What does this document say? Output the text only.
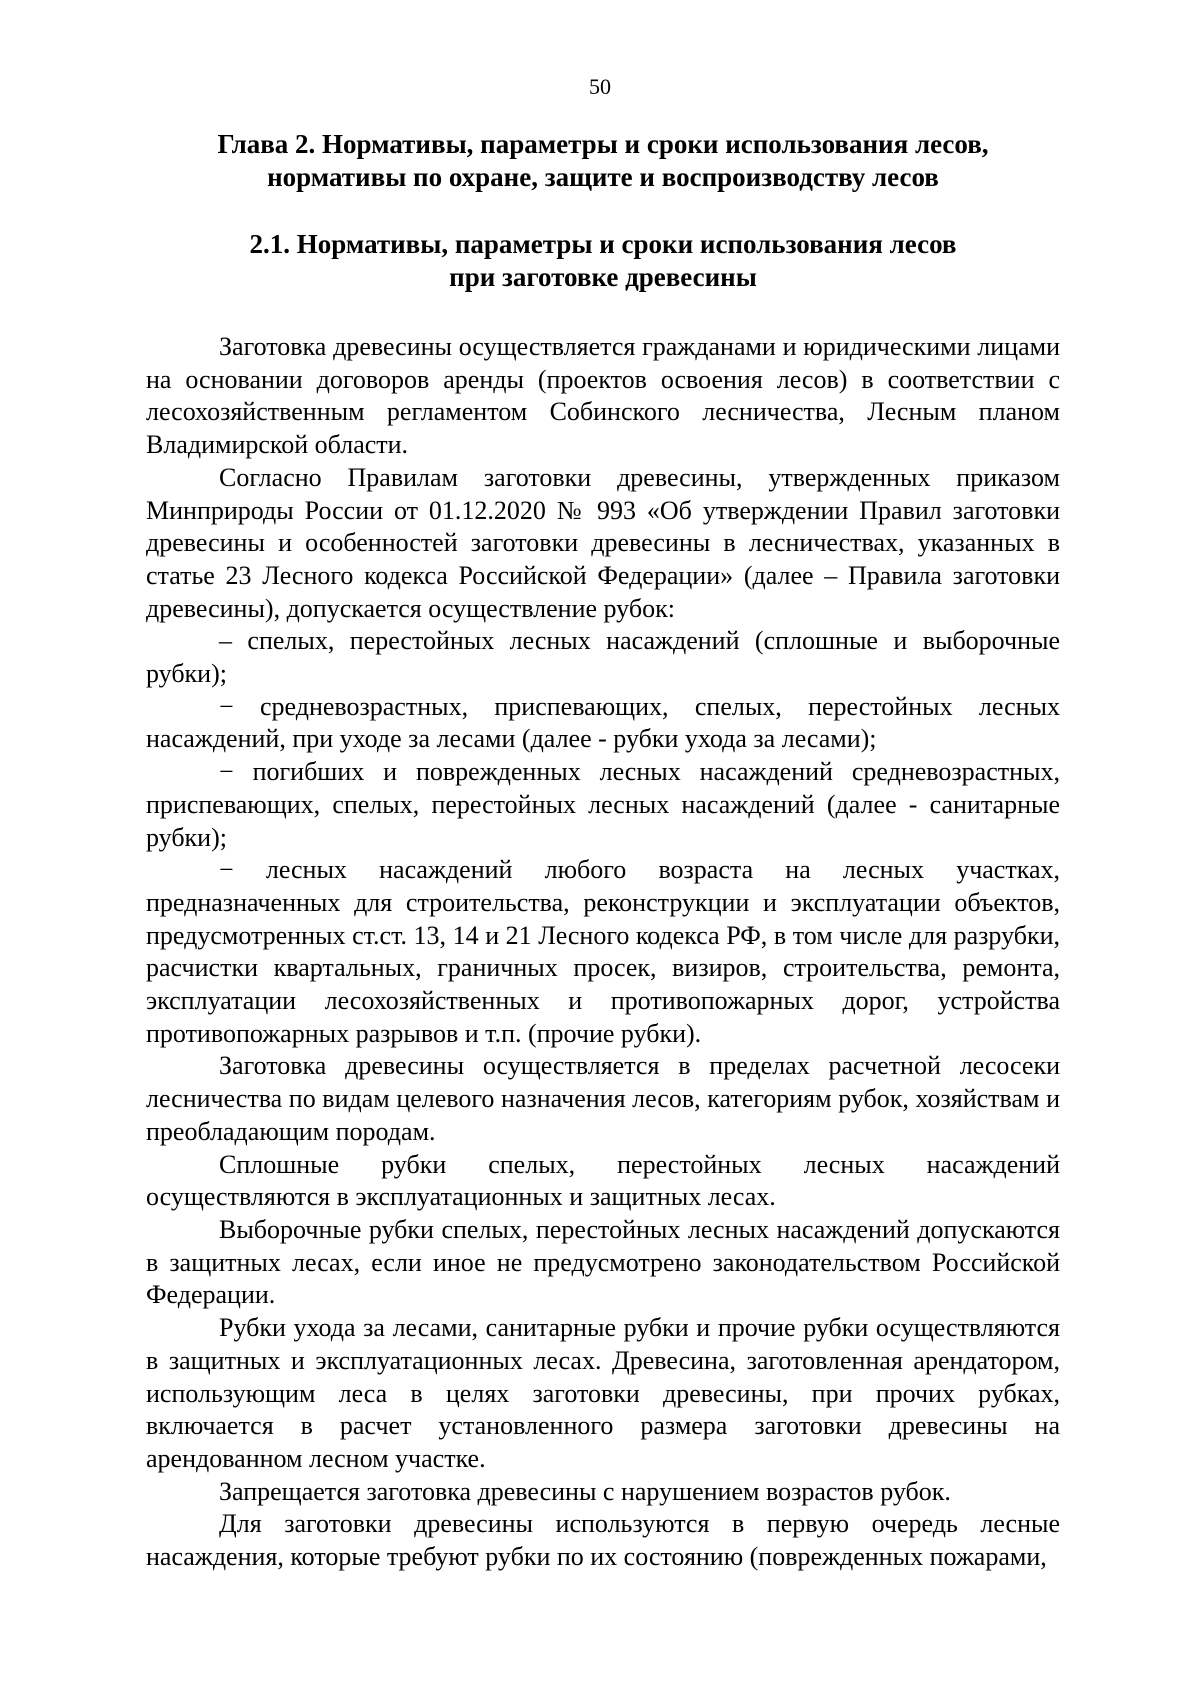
50
Глава 2. Нормативы, параметры и сроки использования лесов,
нормативы по охране, защите и воспроизводству лесов
2.1. Нормативы, параметры и сроки использования лесов
при заготовке древесины

Заготовка древесины осуществляется гражданами и юридическими лицами на основании договоров аренды (проектов освоения лесов) в соответствии с лесохозяйственным регламентом Собинского лесничества, Лесным планом Владимирской области.

Согласно Правилам заготовки древесины, утвержденных приказом Минприроды России от 01.12.2020 № 993 «Об утверждении Правил заготовки древесины и особенностей заготовки древесины в лесничествах, указанных в статье 23 Лесного кодекса Российской Федерации» (далее – Правила заготовки древесины), допускается осуществление рубок:

– спелых, перестойных лесных насаждений (сплошные и выборочные рубки);

− средневозрастных, приспевающих, спелых, перестойных лесных насаждений, при уходе за лесами (далее - рубки ухода за лесами);

− погибших и поврежденных лесных насаждений средневозрастных, приспевающих, спелых, перестойных лесных насаждений (далее - санитарные рубки);

− лесных насаждений любого возраста на лесных участках, предназначенных для строительства, реконструкции и эксплуатации объектов, предусмотренных ст.ст. 13, 14 и 21 Лесного кодекса РФ, в том числе для разрубки, расчистки квартальных, граничных просек, визиров, строительства, ремонта, эксплуатации лесохозяйственных и противопожарных дорог, устройства противопожарных разрывов и т.п. (прочие рубки).

Заготовка древесины осуществляется в пределах расчетной лесосеки лесничества по видам целевого назначения лесов, категориям рубок, хозяйствам и преобладающим породам.

Сплошные рубки спелых, перестойных лесных насаждений осуществляются в эксплуатационных и защитных лесах.

Выборочные рубки спелых, перестойных лесных насаждений допускаются в защитных лесах, если иное не предусмотрено законодательством Российской Федерации.

Рубки ухода за лесами, санитарные рубки и прочие рубки осуществляются в защитных и эксплуатационных лесах. Древесина, заготовленная арендатором, использующим леса в целях заготовки древесины, при прочих рубках, включается в расчет установленного размера заготовки древесины на арендованном лесном участке.

Запрещается заготовка древесины с нарушением возрастов рубок.

Для заготовки древесины используются в первую очередь лесные насаждения, которые требуют рубки по их состоянию (поврежденных пожарами,
